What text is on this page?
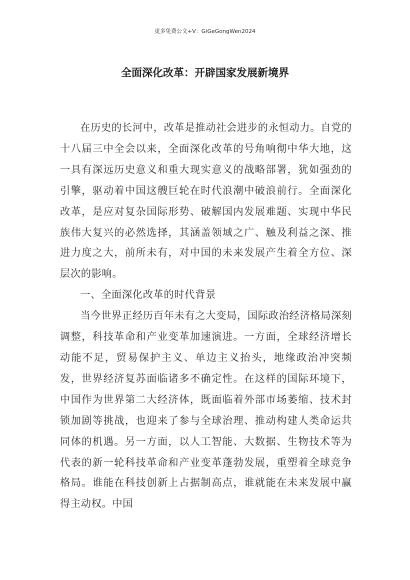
更多免费公文+V：GiGeGongWen2024
全面深化改革：开辟国家发展新境界

在历史的长河中，改革是推动社会进步的永恒动力。自党的十八届三中全会以来，全面深化改革的号角响彻中华大地，这一具有深远历史意义和重大现实意义的战略部署，犹如强劲的引擎，驱动着中国这艘巨轮在时代浪潮中破浪前行。全面深化改革，是应对复杂国际形势、破解国内发展难题、实现中华民族伟大复兴的必然选择，其涵盖领域之广、触及利益之深、推进力度之大，前所未有，对中国的未来发展产生着全方位、深层次的影响。

一、全面深化改革的时代背景

当今世界正经历百年未有之大变局，国际政治经济格局深刻调整，科技革命和产业变革加速演进。一方面，全球经济增长动能不足，贸易保护主义、单边主义抬头，地缘政治冲突频发，世界经济复苏面临诸多不确定性。在这样的国际环境下，中国作为世界第二大经济体，既面临着外部市场萎缩、技术封锁加剧等挑战，也迎来了参与全球治理、推动构建人类命运共同体的机遇。另一方面，以人工智能、大数据、生物技术等为代表的新一轮科技革命和产业变革蓬勃发展，重塑着全球竞争格局。谁能在科技创新上占据制高点，谁就能在未来发展中赢得主动权。中国
